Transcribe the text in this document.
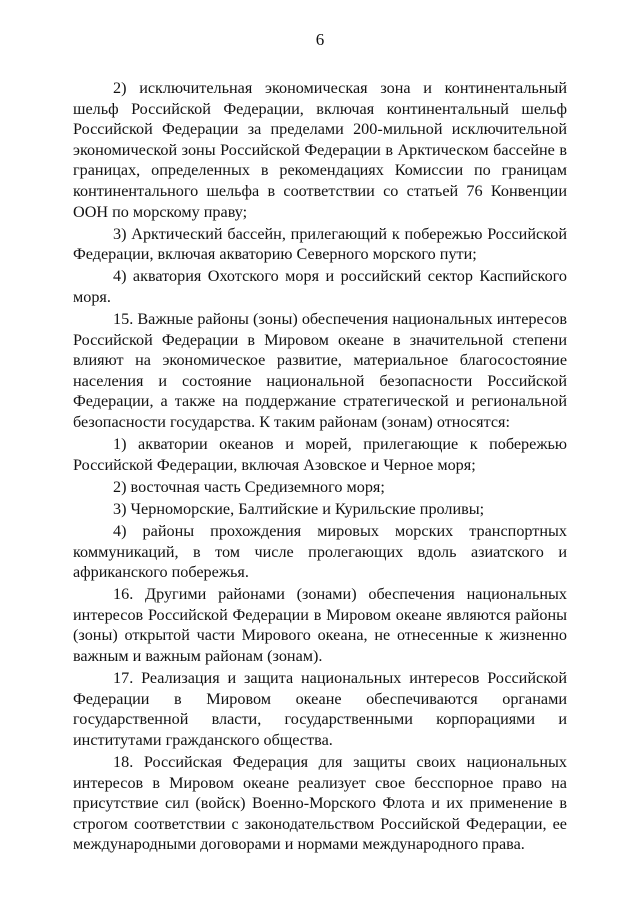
6

2) исключительная экономическая зона и континентальный шельф Российской Федерации, включая континентальный шельф Российской Федерации за пределами 200-мильной исключительной экономической зоны Российской Федерации в Арктическом бассейне в границах, определенных в рекомендациях Комиссии по границам континентального шельфа в соответствии со статьей 76 Конвенции ООН по морскому праву;

3) Арктический бассейн, прилегающий к побережью Российской Федерации, включая акваторию Северного морского пути;

4) акватория Охотского моря и российский сектор Каспийского моря.

15. Важные районы (зоны) обеспечения национальных интересов Российской Федерации в Мировом океане в значительной степени влияют на экономическое развитие, материальное благосостояние населения и состояние национальной безопасности Российской Федерации, а также на поддержание стратегической и региональной безопасности государства. К таким районам (зонам) относятся:

1) акватории океанов и морей, прилегающие к побережью Российской Федерации, включая Азовское и Черное моря;

2) восточная часть Средиземного моря;

3) Черноморские, Балтийские и Курильские проливы;

4) районы прохождения мировых морских транспортных коммуникаций, в том числе пролегающих вдоль азиатского и африканского побережья.

16. Другими районами (зонами) обеспечения национальных интересов Российской Федерации в Мировом океане являются районы (зоны) открытой части Мирового океана, не отнесенные к жизненно важным и важным районам (зонам).

17. Реализация и защита национальных интересов Российской Федерации в Мировом океане обеспечиваются органами государственной власти, государственными корпорациями и институтами гражданского общества.

18. Российская Федерация для защиты своих национальных интересов в Мировом океане реализует свое бесспорное право на присутствие сил (войск) Военно-Морского Флота и их применение в строгом соответствии с законодательством Российской Федерации, ее международными договорами и нормами международного права.
